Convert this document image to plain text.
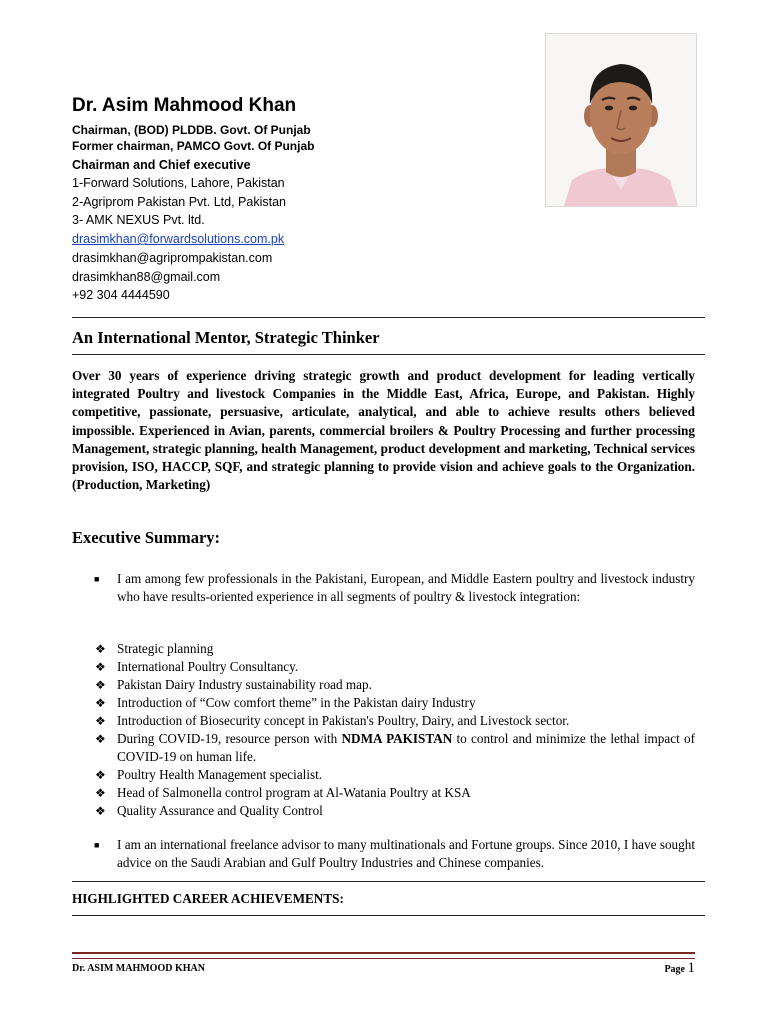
Dr. Asim Mahmood Khan
Chairman, (BOD) PLDDB. Govt. Of Punjab
Former chairman, PAMCO Govt. Of Punjab
Chairman and Chief executive
1-Forward Solutions, Lahore, Pakistan
2-Agriprom Pakistan Pvt. Ltd, Pakistan
3- AMK NEXUS Pvt. ltd.
drasimkhan@forwardsolutions.com.pk
drasimkhan@agriprompakistan.com
drasimkhan88@gmail.com
+92 304 4444590
An International Mentor, Strategic Thinker
Over 30 years of experience driving strategic growth and product development for leading vertically integrated Poultry and livestock Companies in the Middle East, Africa, Europe, and Pakistan. Highly competitive, passionate, persuasive, articulate, analytical, and able to achieve results others believed impossible. Experienced in Avian, parents, commercial broilers & Poultry Processing and further processing Management, strategic planning, health Management, product development and marketing, Technical services provision, ISO, HACCP, SQF, and strategic planning to provide vision and achieve goals to the Organization. (Production, Marketing)
Executive Summary:
■ I am among few professionals in the Pakistani, European, and Middle Eastern poultry and livestock industry who have results-oriented experience in all segments of poultry & livestock integration:
❖ Strategic planning
❖ International Poultry Consultancy.
❖ Pakistan Dairy Industry sustainability road map.
❖ Introduction of “Cow comfort theme” in the Pakistan dairy Industry
❖ Introduction of Biosecurity concept in Pakistan's Poultry, Dairy, and Livestock sector.
❖ During COVID-19, resource person with NDMA PAKISTAN to control and minimize the lethal impact of COVID-19 on human life.
❖ Poultry Health Management specialist.
❖ Head of Salmonella control program at Al-Watania Poultry at KSA
❖ Quality Assurance and Quality Control
■ I am an international freelance advisor to many multinationals and Fortune groups. Since 2010, I have sought advice on the Saudi Arabian and Gulf Poultry Industries and Chinese companies.
HIGHLIGHTED CAREER ACHIEVEMENTS:
Dr. ASIM MAHMOOD KHAN	Page 1
